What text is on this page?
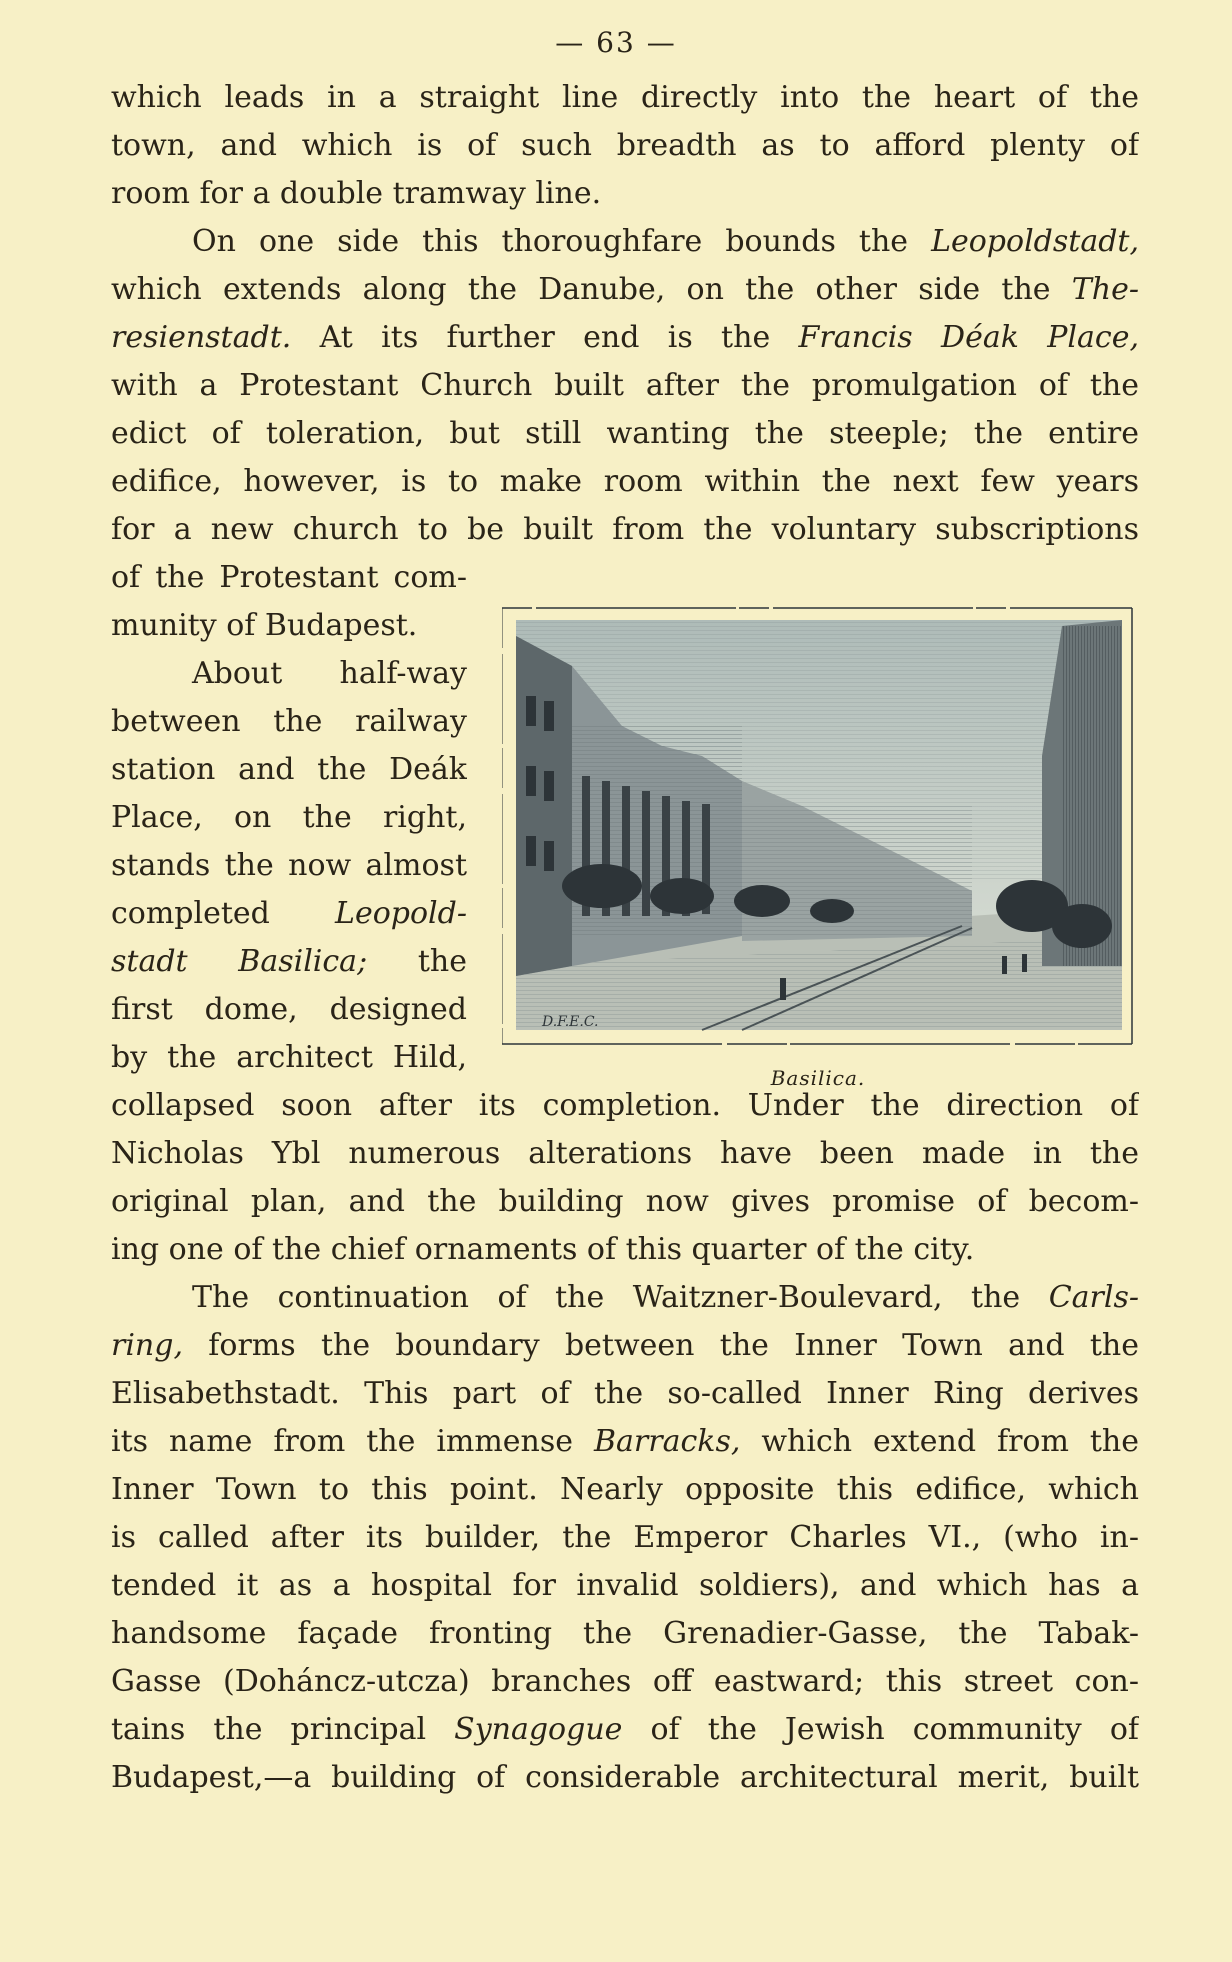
— 63 —
which leads in a straight line directly into the heart of the
town, and which is of such breadth as to afford plenty of
room for a double tramway line.
On one side this thoroughfare bounds the Leopoldstadt,
which extends along the Danube, on the other side the The-
resienstadt. At its further end is the Francis Déak Place,
with a Protestant Church built after the promulgation of the
edict of toleration, but still wanting the steeple; the entire
edifice, however, is to make room within the next few years
for a new church to be built from the voluntary subscriptions
of the Protestant com-
munity of Budapest.
About half-way
between the railway
station and the Deák
Place, on the right,
stands the now almost
completed Leopold-
stadt Basilica; the
first dome, designed
by the architect Hild,
collapsed soon after its completion. Under the direction of
Nicholas Ybl numerous alterations have been made in the
original plan, and the building now gives promise of becom-
ing one of the chief ornaments of this quarter of the city.
The continuation of the Waitzner-Boulevard, the Carls-
ring, forms the boundary between the Inner Town and the
Elisabethstadt. This part of the so-called Inner Ring derives
its name from the immense Barracks, which extend from the
Inner Town to this point. Nearly opposite this edifice, which
is called after its builder, the Emperor Charles VI., (who in-
tended it as a hospital for invalid soldiers), and which has a
handsome façade fronting the Grenadier-Gasse, the Tabak-
Gasse (Doháncz-utcza) branches off eastward; this street con-
tains the principal Synagogue of the Jewish community of
Budapest,—a building of considerable architectural merit, built
D.F.E.C.
Basilica.
